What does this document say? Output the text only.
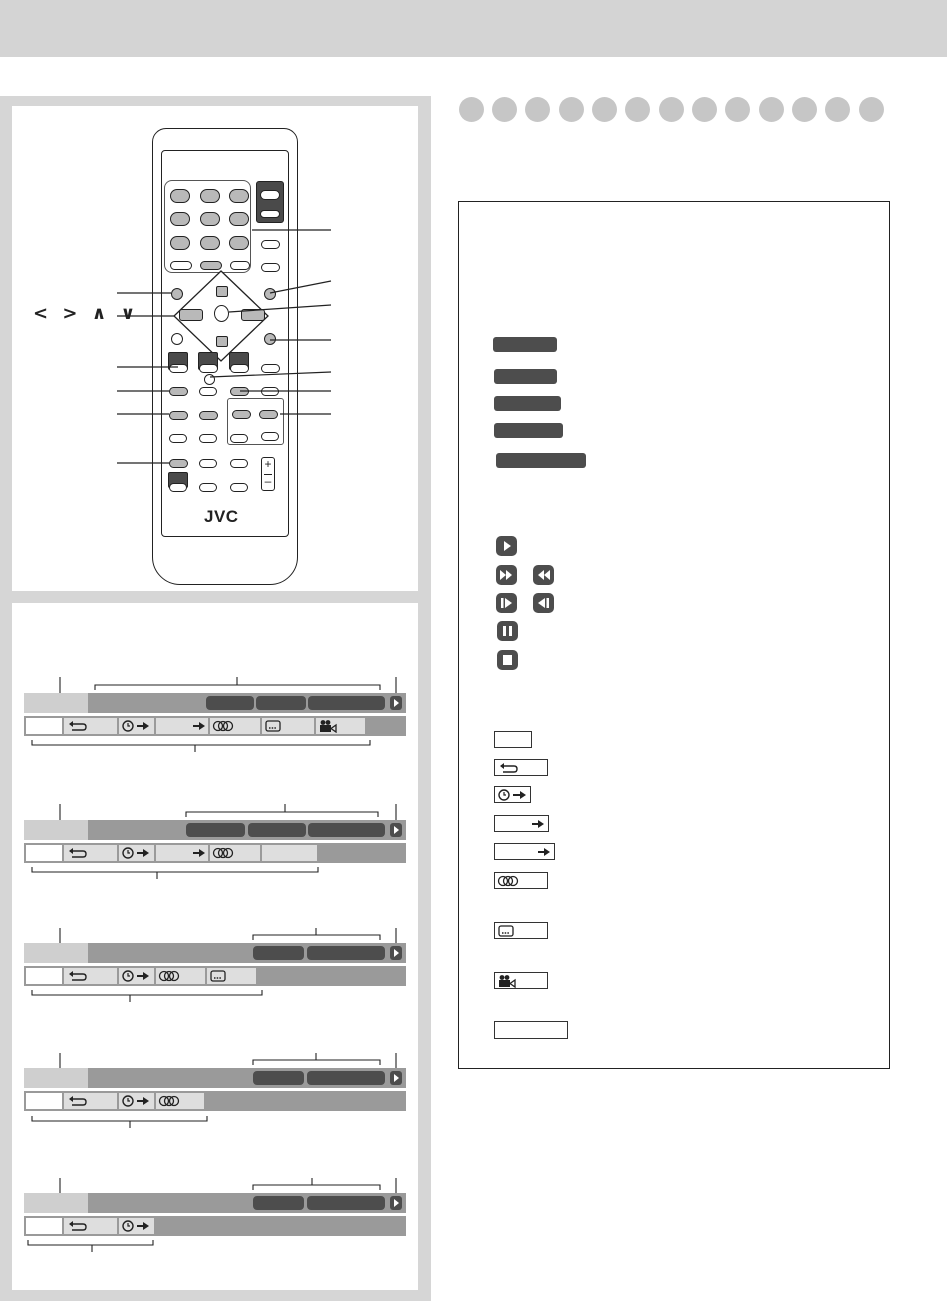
+
–
JVC
< > ∧ ∨
